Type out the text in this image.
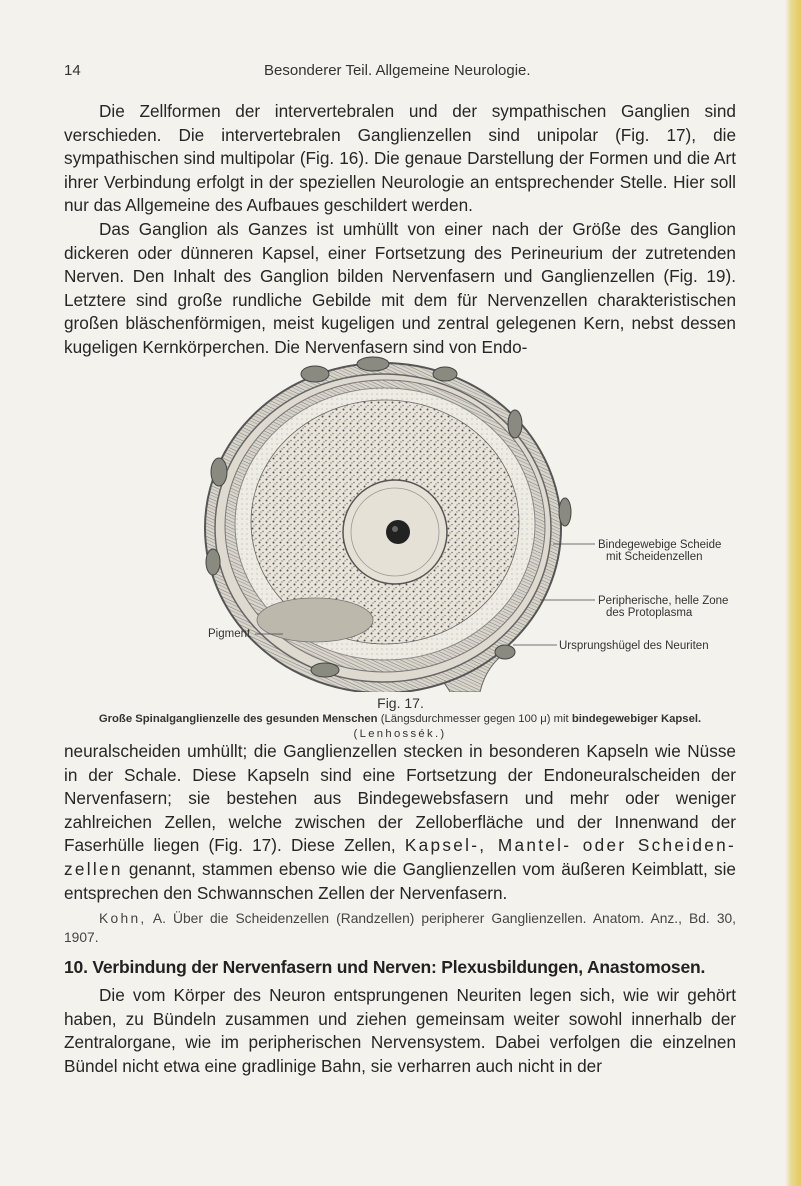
14	Besonderer Teil. Allgemeine Neurologie.

Die Zellformen der intervertebralen und der sympathischen Ganglien sind verschieden. Die intervertebralen Ganglienzellen sind unipolar (Fig. 17), die sympathischen sind multipolar (Fig. 16). Die genaue Darstellung der Formen und die Art ihrer Verbindung erfolgt in der speziellen Neurologie an entsprechender Stelle. Hier soll nur das Allgemeine des Aufbaues geschildert werden.
Das Ganglion als Ganzes ist umhüllt von einer nach der Größe des Ganglion dickeren oder dünneren Kapsel, einer Fortsetzung des Perineurium der zutretenden Nerven. Den Inhalt des Ganglion bilden Nervenfasern und Ganglienzellen (Fig. 19). Letztere sind große rundliche Gebilde mit dem für Nervenzellen charakteristischen großen bläschenförmigen, meist kugeligen und zentral gelegenen Kern, nebst dessen kugeligen Kernkörperchen. Die Nervenfasern sind von Endo-

Bindegewebige Scheide
mit Scheidenzellen
Peripherische, helle Zone
des Protoplasma
Ursprungshügel des Neuriten
Pigment
Fig. 17.
Große Spinalganglienzelle des gesunden Menschen (Längsdurchmesser gegen 100 μ) mit bindegewebiger Kapsel.
(Lenhossék.)

neuralscheiden umhüllt; die Ganglienzellen stecken in besonderen Kapseln wie Nüsse in der Schale. Diese Kapseln sind eine Fortsetzung der Endoneuralscheiden der Nervenfasern; sie bestehen aus Bindegewebsfasern und mehr oder weniger zahlreichen Zellen, welche zwischen der Zelloberfläche und der Innenwand der Faserhülle liegen (Fig. 17). Diese Zellen, Kapsel-, Mantel- oder Scheiden-zellen genannt, stammen ebenso wie die Ganglienzellen vom äußeren Keimblatt, sie entsprechen den Schwannschen Zellen der Nervenfasern.

Kohn, A. Über die Scheidenzellen (Randzellen) peripherer Ganglienzellen. Anatom. Anz., Bd. 30, 1907.

10. Verbindung der Nervenfasern und Nerven: Plexusbildungen, Anastomosen.

Die vom Körper des Neuron entsprungenen Neuriten legen sich, wie wir gehört haben, zu Bündeln zusammen und ziehen gemeinsam weiter sowohl innerhalb der Zentralorgane, wie im peripherischen Nervensystem. Dabei verfolgen die einzelnen Bündel nicht etwa eine gradlinige Bahn, sie verharren auch nicht in der
